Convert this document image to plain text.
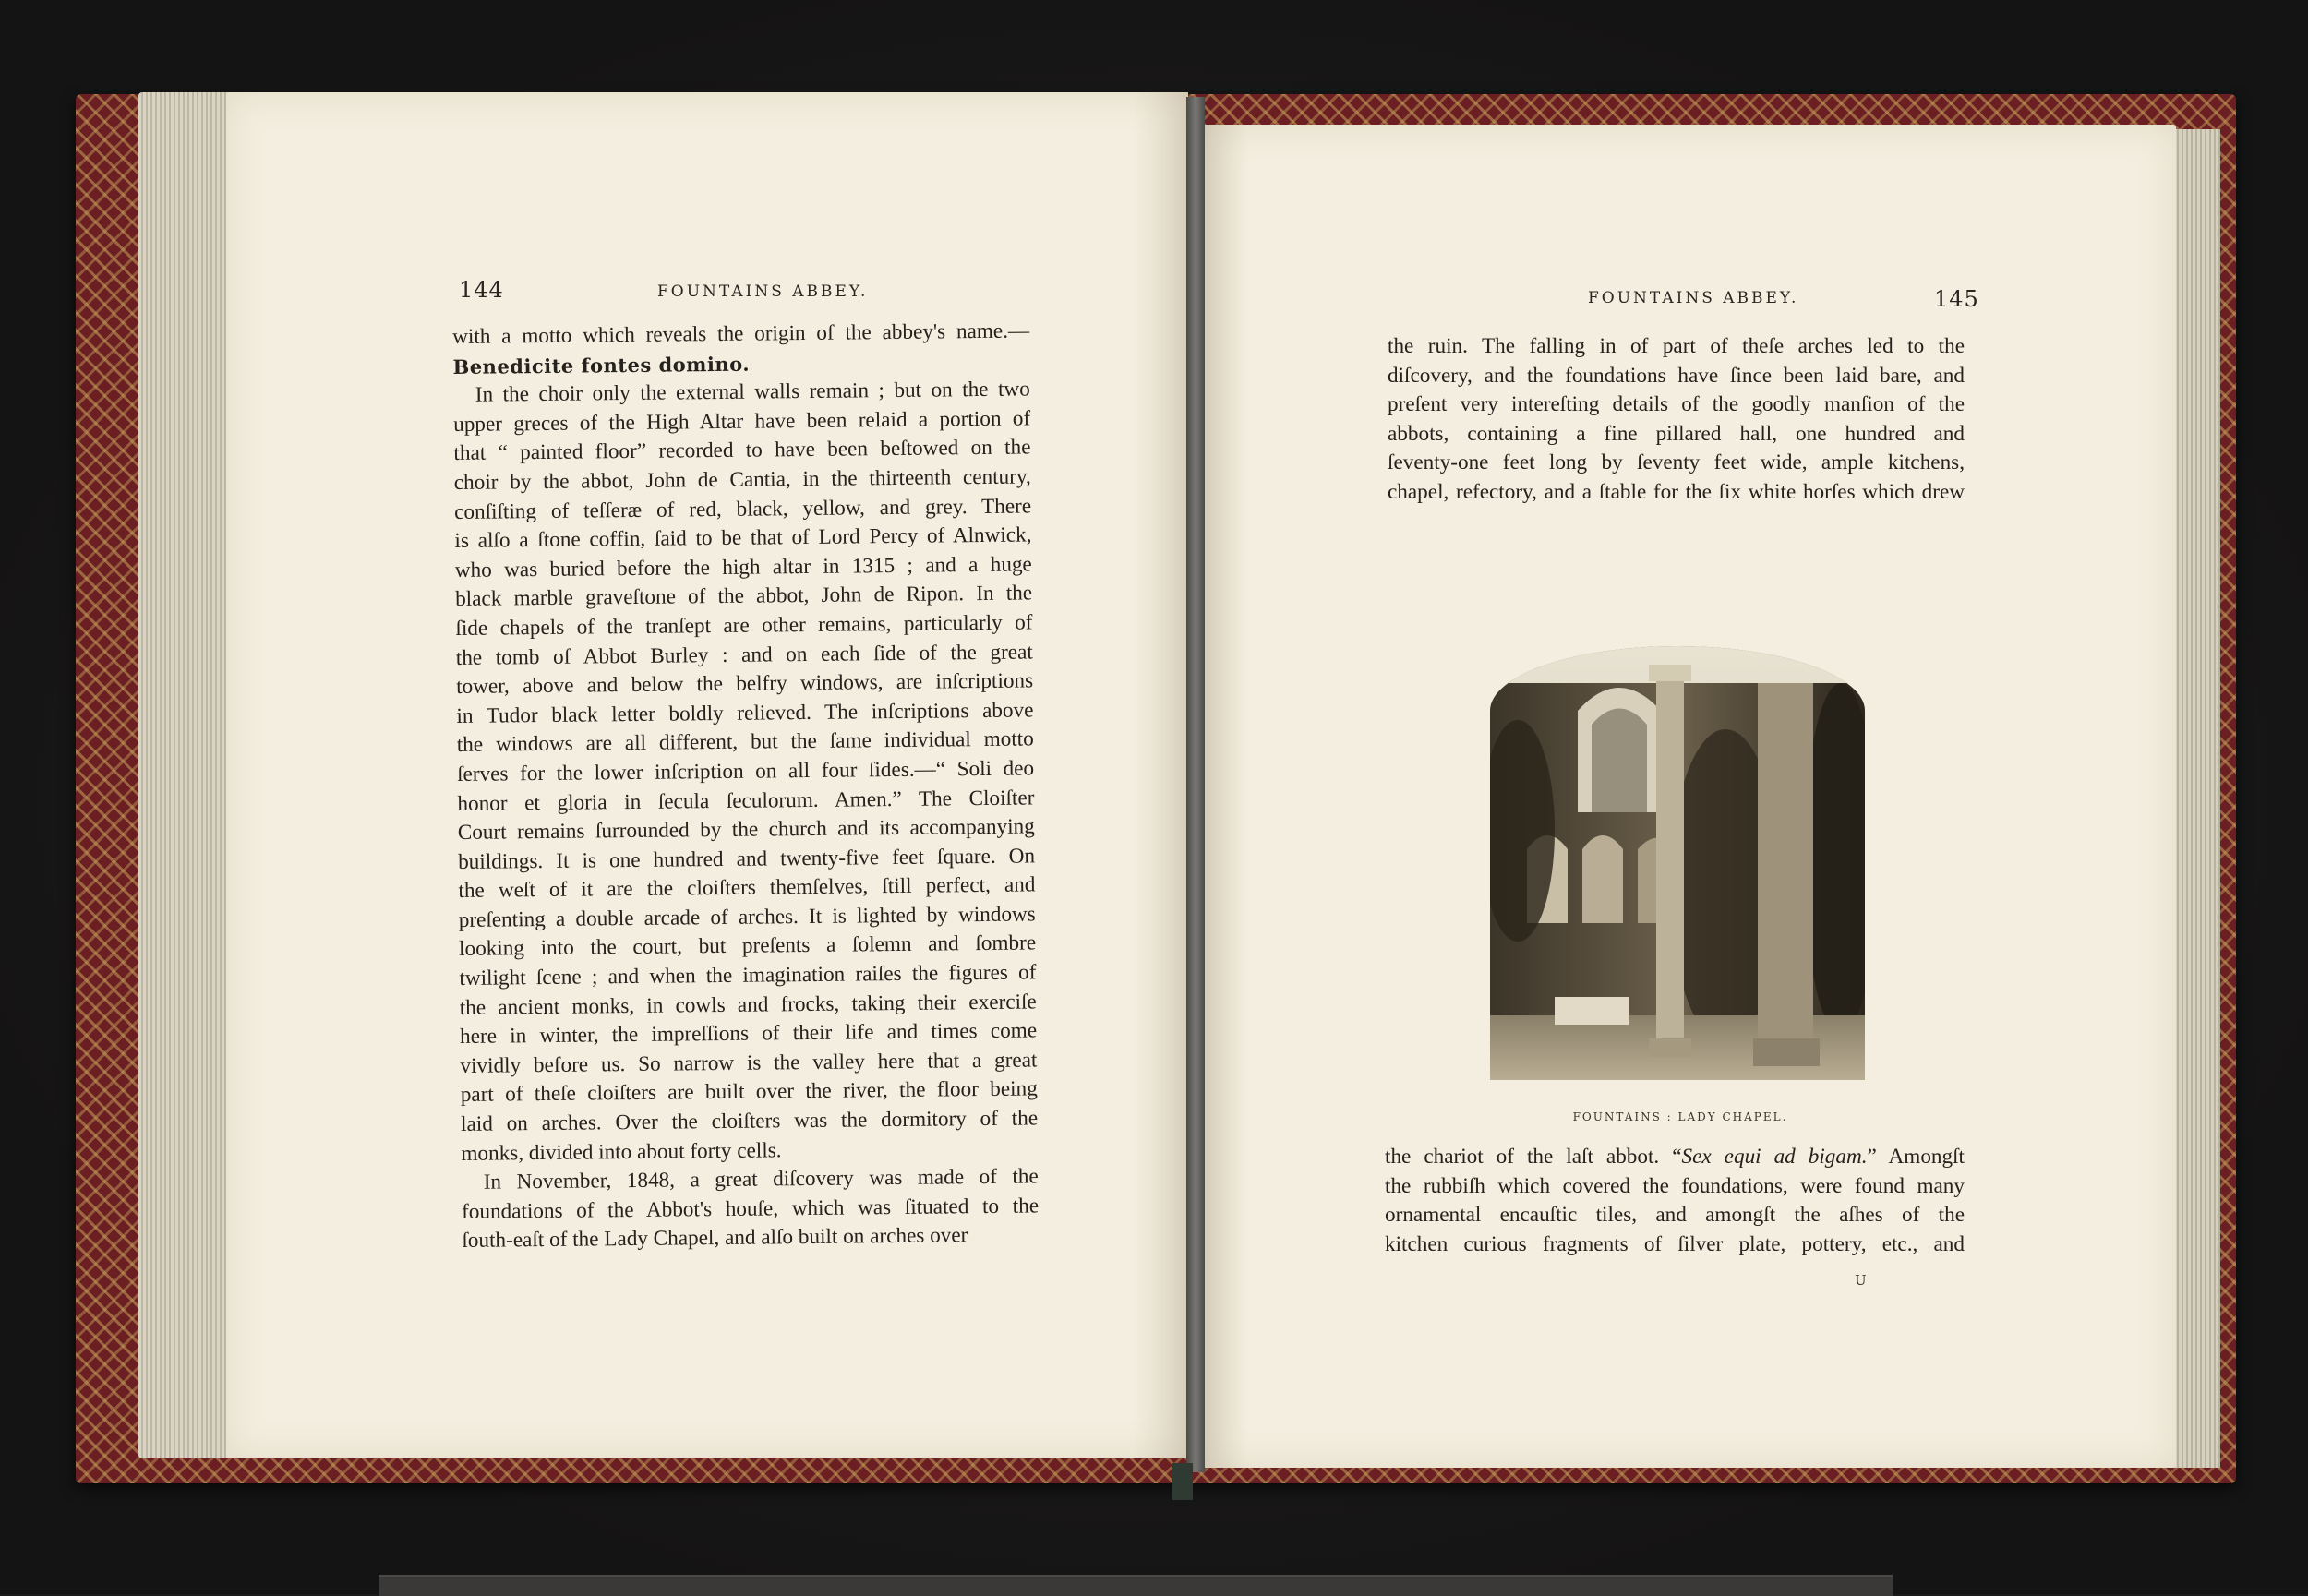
144	FOUNTAINS ABBEY.
with a motto which reveals the origin of the abbey's name.—
Benedicite fontes domino.
In the choir only the external walls remain ; but on the two
upper greces of the High Altar have been relaid a portion of
that “ painted floor” recorded to have been beſtowed on the
choir by the abbot, John de Cantia, in the thirteenth century,
conſiſting of teſſeræ of red, black, yellow, and grey. There
is alſo a ſtone coffin, ſaid to be that of Lord Percy of Alnwick,
who was buried before the high altar in 1315 ; and a huge
black marble graveſtone of the abbot, John de Ripon. In the
ſide chapels of the tranſept are other remains, particularly of
the tomb of Abbot Burley : and on each ſide of the great
tower, above and below the belfry windows, are inſcriptions
in Tudor black letter boldly relieved. The inſcriptions above
the windows are all different, but the ſame individual motto
ſerves for the lower inſcription on all four ſides.—“ Soli deo
honor et gloria in ſecula ſeculorum. Amen.” The Cloiſter
Court remains ſurrounded by the church and its accompanying
buildings. It is one hundred and twenty-five feet ſquare. On
the weſt of it are the cloiſters themſelves, ſtill perfect, and
preſenting a double arcade of arches. It is lighted by windows
looking into the court, but preſents a ſolemn and ſombre
twilight ſcene ; and when the imagination raiſes the figures of
the ancient monks, in cowls and frocks, taking their exerciſe
here in winter, the impreſſions of their life and times come
vividly before us. So narrow is the valley here that a great
part of theſe cloiſters are built over the river, the floor being
laid on arches. Over the cloiſters was the dormitory of the
monks, divided into about forty cells.
In November, 1848, a great diſcovery was made of the
foundations of the Abbot's houſe, which was ſituated to the
ſouth-eaſt of the Lady Chapel, and alſo built on arches over
FOUNTAINS ABBEY.	145
the ruin. The falling in of part of theſe arches led to the
diſcovery, and the foundations have ſince been laid bare, and
preſent very intereſting details of the goodly manſion of the
abbots, containing a fine pillared hall, one hundred and
ſeventy-one feet long by ſeventy feet wide, ample kitchens,
chapel, refectory, and a ſtable for the ſix white horſes which drew
FOUNTAINS : LADY CHAPEL.
the chariot of the laſt abbot. “Sex equi ad bigam.” Amongſt
the rubbiſh which covered the foundations, were found many
ornamental encauſtic tiles, and amongſt the aſhes of the
kitchen curious fragments of ſilver plate, pottery, etc., and
U
